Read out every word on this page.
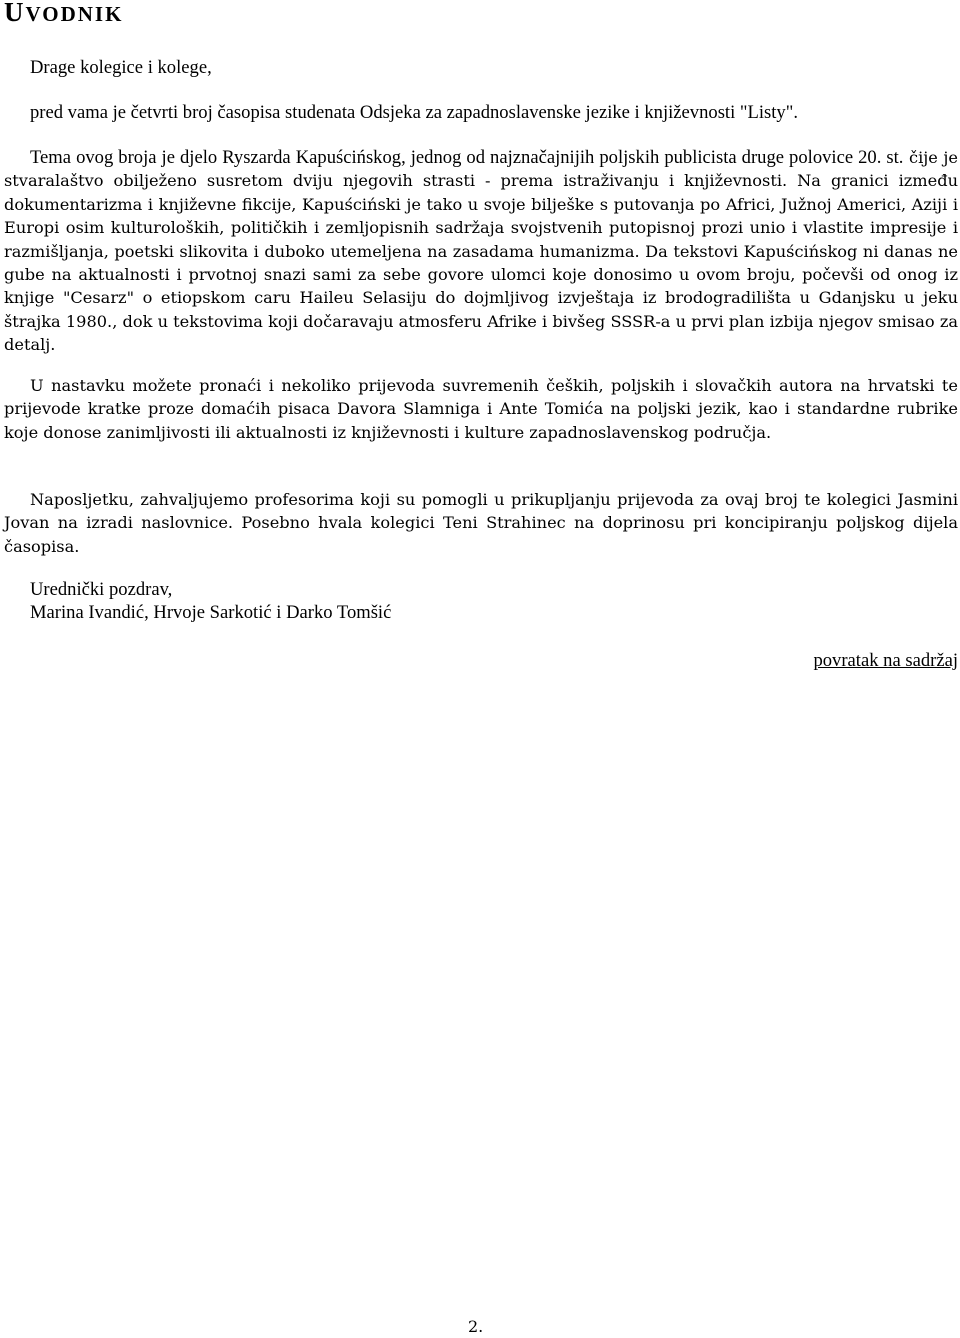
UVODNIK

Drage kolegice i kolege,

pred vama je četvrti broj časopisa studenata Odsjeka za zapadnoslavenske jezike i književnosti "Listy".

Tema ovog broja je djelo Ryszarda Kapuścińskog, jednog od najznačajnijih poljskih publicista druge polovice 20. st. čije je stvaralaštvo obilježeno susretom dviju njegovih strasti - prema istraživanju i književnosti. Na granici između dokumentarizma i književne fikcije, Kapuściński je tako u svoje bilješke s putovanja po Africi, Južnoj Americi, Aziji i Europi osim kulturoloških, političkih i zemljopisnih sadržaja svojstvenih putopisnoj prozi unio i vlastite impresije i razmišljanja, poetski slikovita i duboko utemeljena na zasadama humanizma. Da tekstovi Kapuścińskog ni danas ne gube na aktualnosti i prvotnoj snazi sami za sebe govore ulomci koje donosimo u ovom broju, počevši od onog iz knjige "Cesarz" o etiopskom caru Haileu Selasiju do dojmljivog izvještaja iz brodogradilišta u Gdanjsku u jeku štrajka 1980., dok u tekstovima koji dočaravaju atmosferu Afrike i bivšeg SSSR-a u prvi plan izbija njegov smisao za detalj.

U nastavku možete pronaći i nekoliko prijevoda suvremenih čeških, poljskih i slovačkih autora na hrvatski te prijevode kratke proze domaćih pisaca Davora Slamniga i Ante Tomića na poljski jezik, kao i standardne rubrike koje donose zanimljivosti ili aktualnosti iz književnosti i kulture zapadnoslavenskog područja.

Naposljetku, zahvaljujemo profesorima koji su pomogli u prikupljanju prijevoda za ovaj broj te kolegici Jasmini Jovan na izradi naslovnice. Posebno hvala kolegici Teni Strahinec na doprinosu pri koncipiranju poljskog dijela časopisa.

Urednički pozdrav,

Marina Ivandić, Hrvoje Sarkotić i Darko Tomšić

povratak na sadržaj
2.
